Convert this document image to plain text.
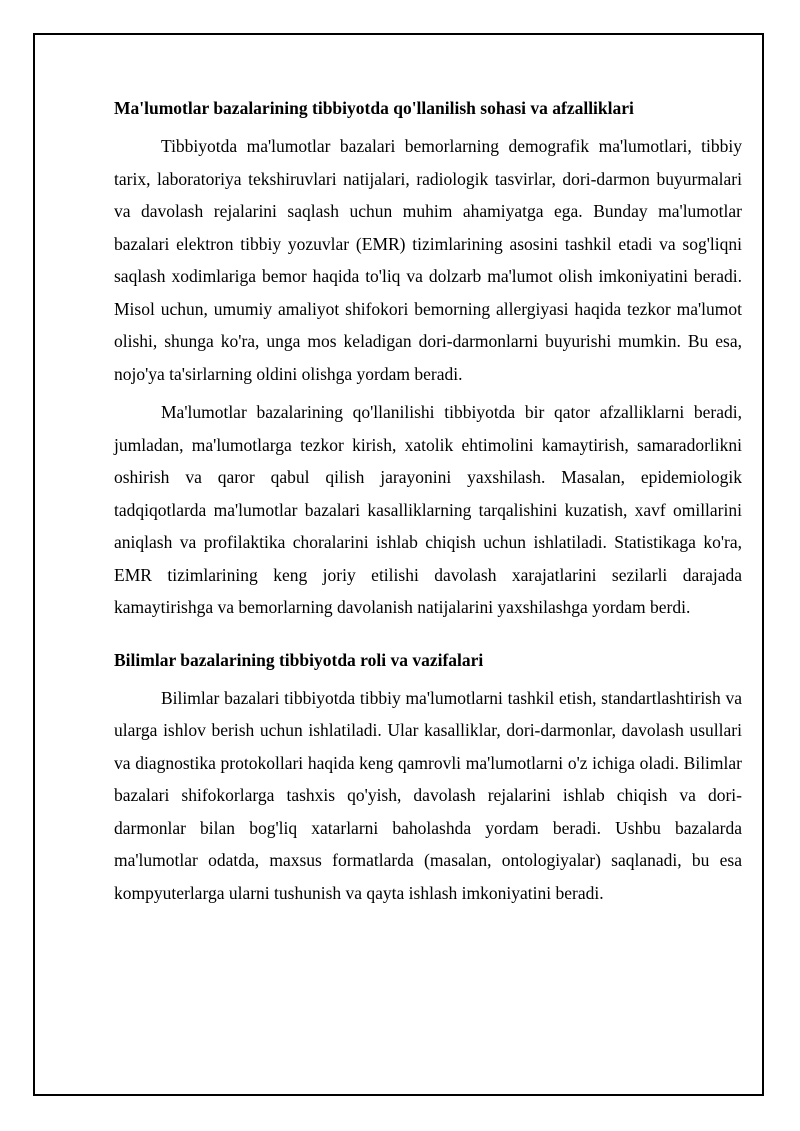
Ma'lumotlar bazalarining tibbiyotda qo'llanilish sohasi va afzalliklari

Tibbiyotda ma'lumotlar bazalari bemorlarning demografik ma'lumotlari, tibbiy tarix, laboratoriya tekshiruvlari natijalari, radiologik tasvirlar, dori-darmon buyurmalari va davolash rejalarini saqlash uchun muhim ahamiyatga ega. Bunday ma'lumotlar bazalari elektron tibbiy yozuvlar (EMR) tizimlarining asosini tashkil etadi va sog'liqni saqlash xodimlariga bemor haqida to'liq va dolzarb ma'lumot olish imkoniyatini beradi. Misol uchun, umumiy amaliyot shifokori bemorning allergiyasi haqida tezkor ma'lumot olishi, shunga ko'ra, unga mos keladigan dori-darmonlarni buyurishi mumkin. Bu esa, nojo'ya ta'sirlarning oldini olishga yordam beradi.

Ma'lumotlar bazalarining qo'llanilishi tibbiyotda bir qator afzalliklarni beradi, jumladan, ma'lumotlarga tezkor kirish, xatolik ehtimolini kamaytirish, samaradorlikni oshirish va qaror qabul qilish jarayonini yaxshilash. Masalan, epidemiologik tadqiqotlarda ma'lumotlar bazalari kasalliklarning tarqalishini kuzatish, xavf omillarini aniqlash va profilaktika choralarini ishlab chiqish uchun ishlatiladi. Statistikaga ko'ra, EMR tizimlarining keng joriy etilishi davolash xarajatlarini sezilarli darajada kamaytirishga va bemorlarning davolanish natijalarini yaxshilashga yordam berdi.

Bilimlar bazalarining tibbiyotda roli va vazifalari

Bilimlar bazalari tibbiyotda tibbiy ma'lumotlarni tashkil etish, standartlashtirish va ularga ishlov berish uchun ishlatiladi. Ular kasalliklar, dori-darmonlar, davolash usullari va diagnostika protokollari haqida keng qamrovli ma'lumotlarni o'z ichiga oladi. Bilimlar bazalari shifokorlarga tashxis qo'yish, davolash rejalarini ishlab chiqish va dori-darmonlar bilan bog'liq xatarlarni baholashda yordam beradi. Ushbu bazalarda ma'lumotlar odatda, maxsus formatlarda (masalan, ontologiyalar) saqlanadi, bu esa kompyuterlarga ularni tushunish va qayta ishlash imkoniyatini beradi.
